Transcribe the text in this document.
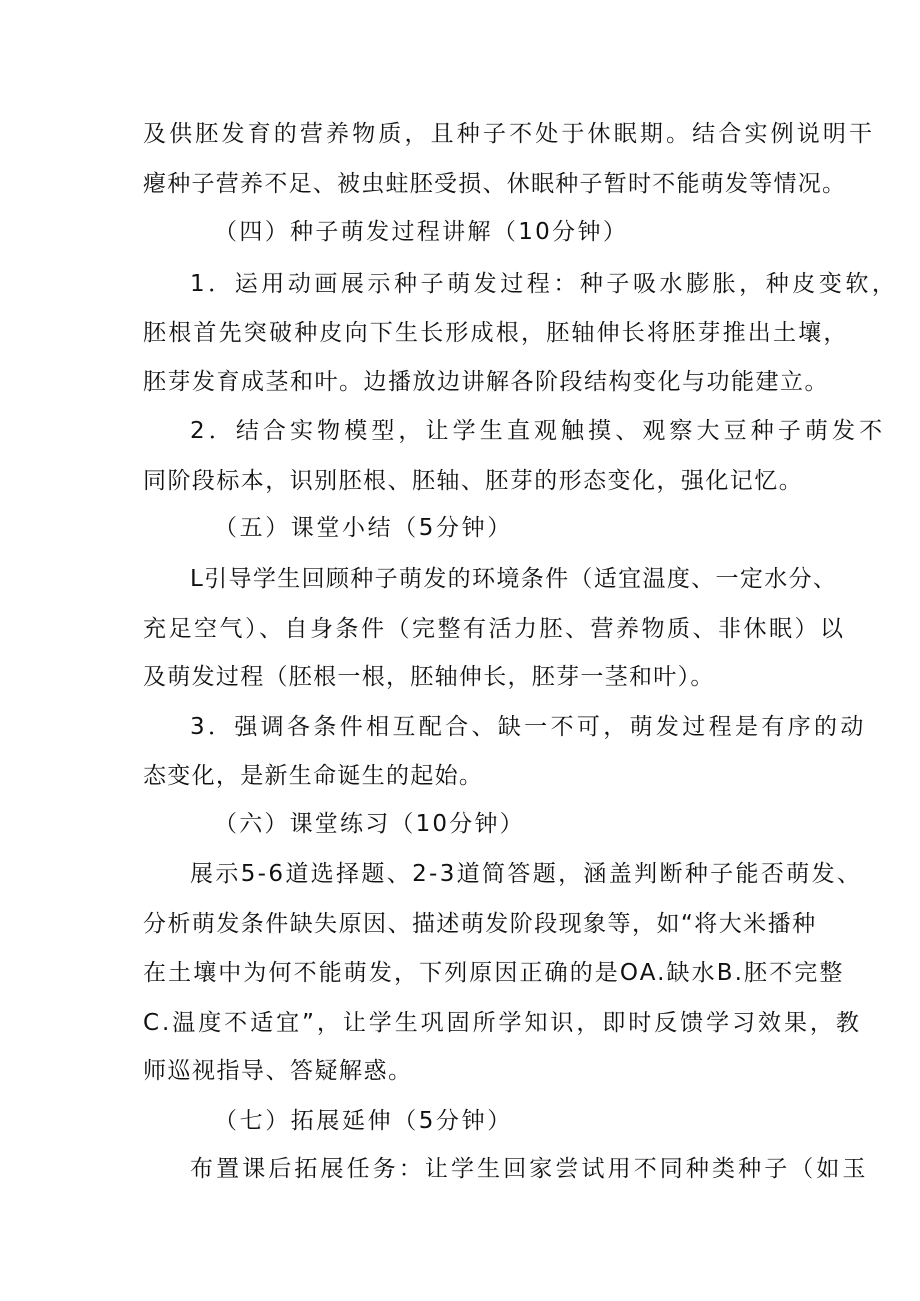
及供胚发育的营养物质，且种子不处于休眠期。结合实例说明干
瘪种子营养不足、被虫蛀胚受损、休眠种子暂时不能萌发等情况。
（四）种子萌发过程讲解（10分钟）
1．运用动画展示种子萌发过程：种子吸水膨胀，种皮变软，
胚根首先突破种皮向下生长形成根，胚轴伸长将胚芽推出土壤，
胚芽发育成茎和叶。边播放边讲解各阶段结构变化与功能建立。
2．结合实物模型，让学生直观触摸、观察大豆种子萌发不
同阶段标本，识别胚根、胚轴、胚芽的形态变化，强化记忆。
（五）课堂小结（5分钟）
L引导学生回顾种子萌发的环境条件（适宜温度、一定水分、
充足空气）、自身条件（完整有活力胚、营养物质、非休眠）以
及萌发过程（胚根一根，胚轴伸长，胚芽一茎和叶）。
3．强调各条件相互配合、缺一不可，萌发过程是有序的动
态变化，是新生命诞生的起始。
（六）课堂练习（10分钟）
展示5-6道选择题、2-3道简答题，涵盖判断种子能否萌发、
分析萌发条件缺失原因、描述萌发阶段现象等，如“将大米播种
在土壤中为何不能萌发，下列原因正确的是OA.缺水B.胚不完整
C.温度不适宜”，让学生巩固所学知识，即时反馈学习效果，教
师巡视指导、答疑解惑。
（七）拓展延伸（5分钟）
布置课后拓展任务：让学生回家尝试用不同种类种子（如玉
